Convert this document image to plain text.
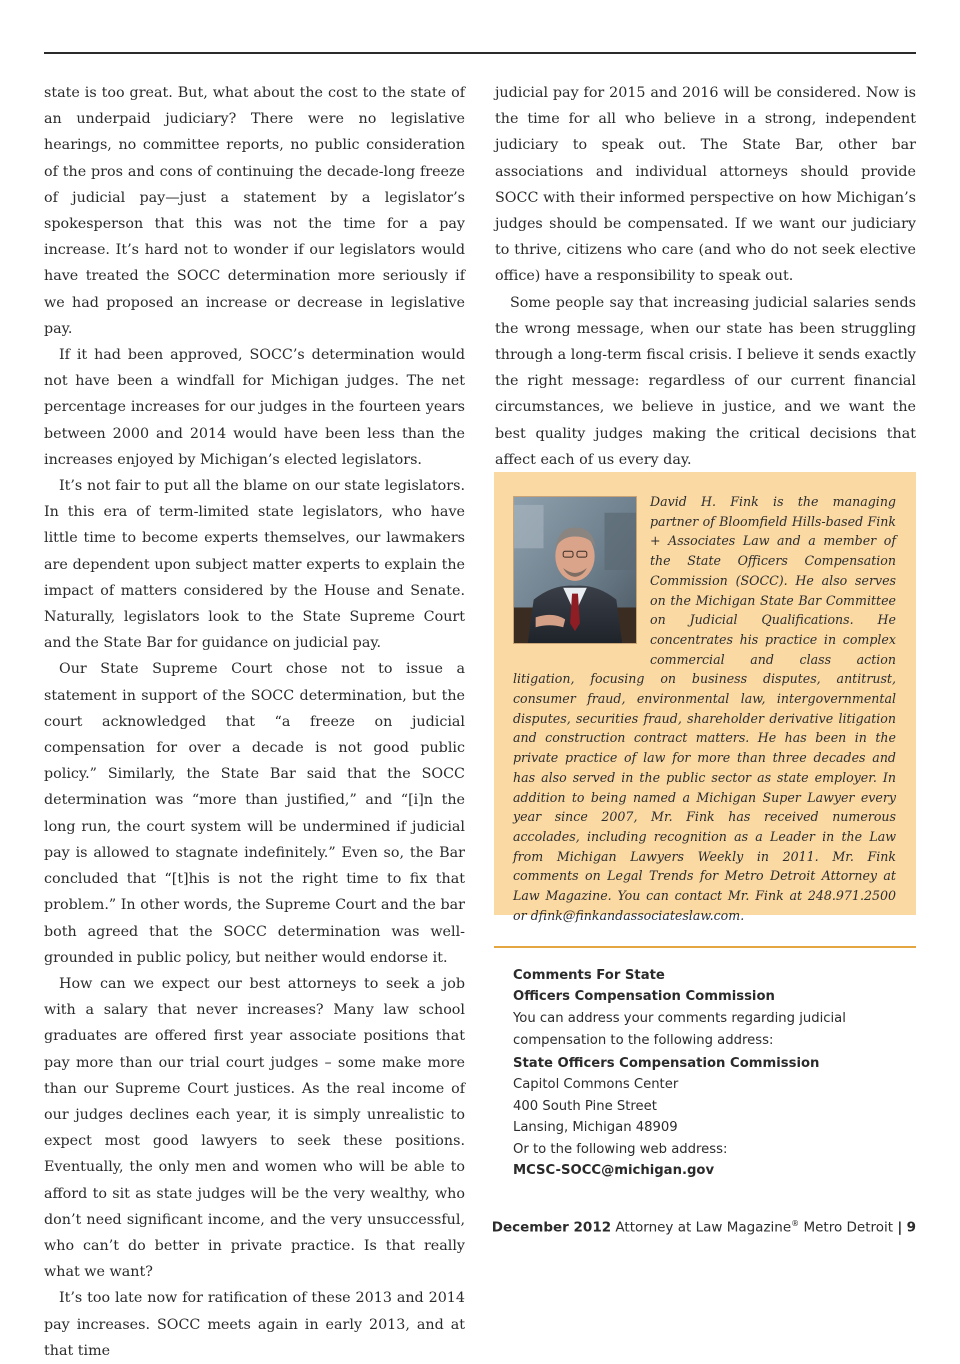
state is too great. But, what about the cost to the state of an underpaid judiciary? There were no legislative hearings, no committee reports, no public consideration of the pros and cons of continuing the decade-long freeze of judicial pay—just a statement by a legislator’s spokesperson that this was not the time for a pay increase. It’s hard not to wonder if our legislators would have treated the SOCC determination more seriously if we had proposed an increase or decrease in legislative pay.

If it had been approved, SOCC’s determination would not have been a windfall for Michigan judges. The net percentage increases for our judges in the fourteen years between 2000 and 2014 would have been less than the increases enjoyed by Michigan’s elected legislators.

It’s not fair to put all the blame on our state legislators. In this era of term-limited state legislators, who have little time to become experts themselves, our lawmakers are dependent upon subject matter experts to explain the impact of matters considered by the House and Senate. Naturally, legislators look to the State Supreme Court and the State Bar for guidance on judicial pay.

Our State Supreme Court chose not to issue a statement in support of the SOCC determination, but the court acknowledged that “a freeze on judicial compensation for over a decade is not good public policy.” Similarly, the State Bar said that the SOCC determination was “more than justified,” and “[i]n the long run, the court system will be undermined if judicial pay is allowed to stagnate indefinitely.” Even so, the Bar concluded that “[t]his is not the right time to fix that problem.” In other words, the Supreme Court and the bar both agreed that the SOCC determination was well-grounded in public policy, but neither would endorse it.

How can we expect our best attorneys to seek a job with a salary that never increases? Many law school graduates are offered first year associate positions that pay more than our trial court judges – some make more than our Supreme Court justices. As the real income of our judges declines each year, it is simply unrealistic to expect most good lawyers to seek these positions. Eventually, the only men and women who will be able to afford to sit as state judges will be the very wealthy, who don’t need significant income, and the very unsuccessful, who can’t do better in private practice. Is that really what we want?

It’s too late now for ratification of these 2013 and 2014 pay increases. SOCC meets again in early 2013, and at that time

judicial pay for 2015 and 2016 will be considered. Now is the time for all who believe in a strong, independent judiciary to speak out. The State Bar, other bar associations and individual attorneys should provide SOCC with their informed perspective on how Michigan’s judges should be compensated. If we want our judiciary to thrive, citizens who care (and who do not seek elective office) have a responsibility to speak out.

Some people say that increasing judicial salaries sends the wrong message, when our state has been struggling through a long-term fiscal crisis. I believe it sends exactly the right message: regardless of our current financial circumstances, we believe in justice, and we want the best quality judges making the critical decisions that affect each of us every day.

David H. Fink is the managing partner of Bloomfield Hills-based Fink + Associates Law and a member of the State Officers Compensation Commission (SOCC). He also serves on the Michigan State Bar Committee on Judicial Qualifications. He concentrates his practice in complex commercial and class action litigation, focusing on business disputes, antitrust, consumer fraud, environmental law, intergovernmental disputes, securities fraud, shareholder derivative litigation and construction contract matters. He has been in the private practice of law for more than three decades and has also served in the public sector as state employer. In addition to being named a Michigan Super Lawyer every year since 2007, Mr. Fink has received numerous accolades, including recognition as a Leader in the Law from Michigan Lawyers Weekly in 2011. Mr. Fink comments on Legal Trends for Metro Detroit Attorney at Law Magazine. You can contact Mr. Fink at 248.971.2500 or dfink@finkandassociateslaw.com.
Comments For State
Officers Compensation Commission
You can address your comments regarding judicial
compensation to the following address:
State Officers Compensation Commission
Capitol Commons Center
400 South Pine Street
Lansing, Michigan 48909
Or to the following web address:
MCSC-SOCC@michigan.gov
December 2012 Attorney at Law Magazine® Metro Detroit | 9
